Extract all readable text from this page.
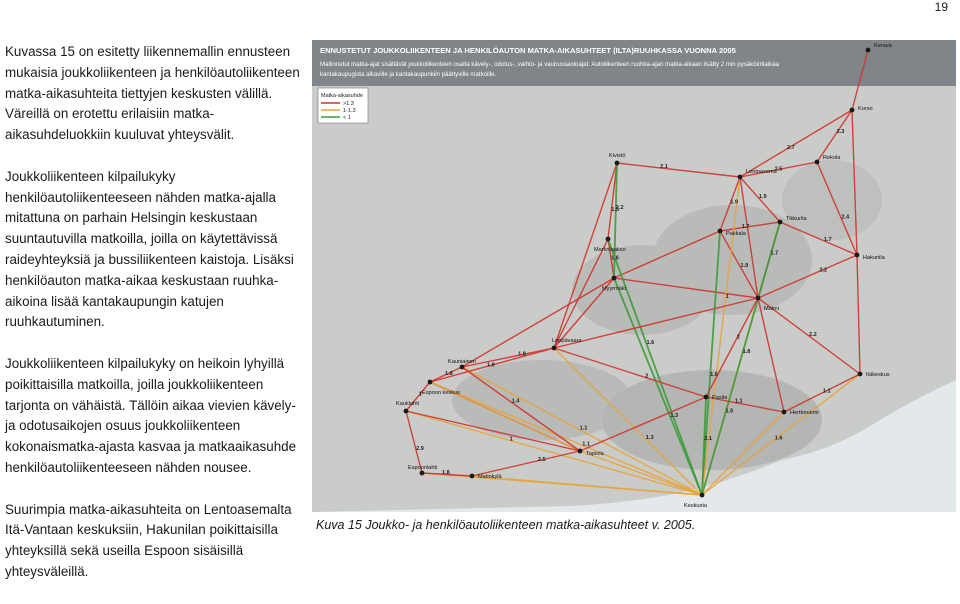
19

Kuvassa 15 on esitetty liikennemallin ennusteen mukaisia joukkoliikenteen ja henkilöautoliikenteen matka-aikasuhteita tiettyjen keskusten välillä. Väreillä on erotettu erilaisiin matka-aikasuhdeluokkiin kuuluvat yhteysvälit.

Joukkoliikenteen kilpailukyky henkilöautoliikenteeseen nähden matka-ajalla mitattuna on parhain Helsingin keskustaan suuntautuvilla matkoilla, joilla on käytettävissä raideyhteyksiä ja bussiliikenteen kaistoja. Lisäksi henkilöauton matka-aikaa keskustaan ruuhka-aikoina lisää kantakaupungin katujen ruuhkautuminen.

Joukkoliikenteen kilpailukyky on heikoin lyhyillä poikittaisilla matkoilla, joilla joukkoliikenteen tarjonta on vähäistä. Tällöin aikaa vievien kävely- ja odotusaikojen osuus joukkoliikenteen kokonaismatka-ajasta kasvaa ja matkaaikasuhde henkilöautoliikenteeseen nähden nousee.

Suurimpia matka-aikasuhteita on Lentoasemalta Itä-Vantaan keskuksiin, Hakunilan poikittaisilla yhteyksillä sekä useilla Espoon sisäisillä yhteysväleillä.

ENNUSTETUT JOUKKOLIIKENTEEN JA HENKILÖAUTON MATKA-AIKASUHTEET (ILTA)RUUHKASSA VUONNA 2005
Mallinnetut matka-ajat sisältävät joukkoliikenteen osalta kävely-, odotus-, vaihto- ja vaunussaoloajat. Autoliikenteen ruuhka-ajan matka-aikaan lisätty 2 min pysäköintiaikaa
kantakaupugista alkaville ja kantakaupunkiin päättyville matkoille.
Matka-aikasuhde
>1.3
1-1.3
< 1
Kerava
Korso
Kivistö
Lentoasema
Rekola
Martinlaakso
Tikkurila
Pakkala
Myyrmäki
Hakunila
Malmi
Leppävaara
Kauniainen
Espoon keskus
Kauklahti
Pasila
Herttoniemi
Itäkeskus
Tapiola
Espoonlahti
Matinkylä
Keskusta
2.1
2.7
1.9
2.3
1.5
2.2
1.9
1.9
2.4
2.2
2.5
1.6
2
1.7
1.7
2.2
1.7
1.3
1.6
1.8
1.6
1.3
1.8
1.9
1.8	2
1.1
2.1
1.1
1.5
1
1.4
1.1
1.1
2.9
1.8
1
1.6
2.5
1
Kuva 15 Joukko- ja henkilöautoliikenteen matka-aikasuhteet v. 2005.
